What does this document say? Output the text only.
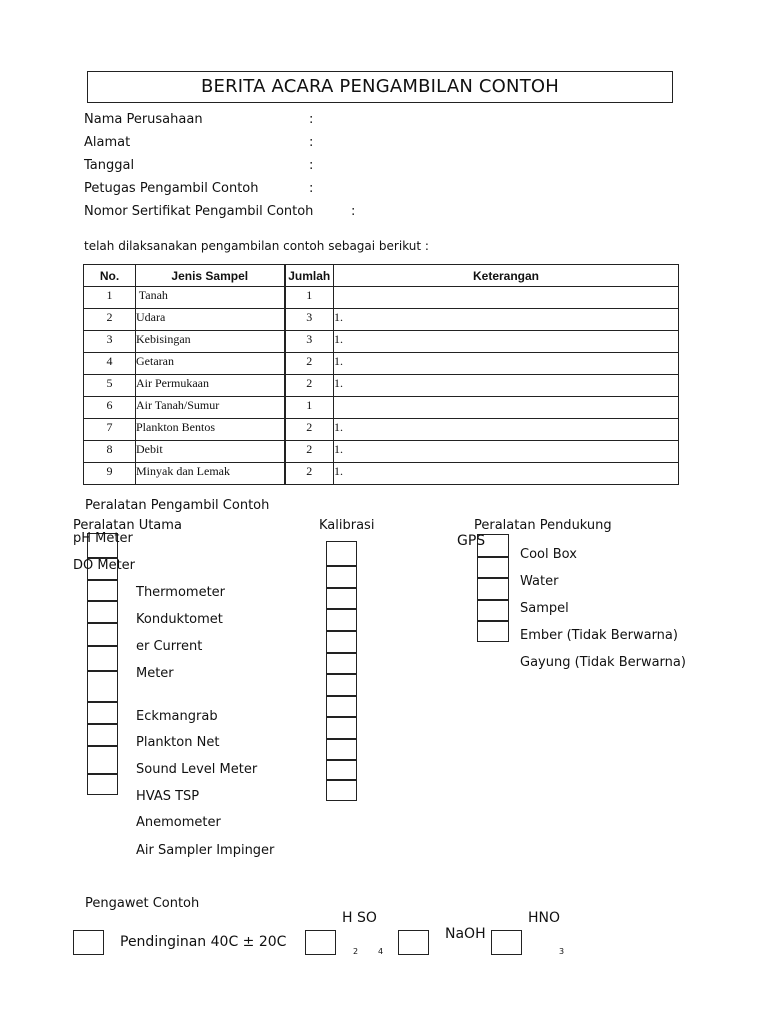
BERITA ACARA PENGAMBILAN CONTOH
Nama Perusahaan	:
Alamat	:
Tanggal	:
Petugas Pengambil Contoh	:
Nomor Sertifikat Pengambil Contoh	:
telah dilaksanakan pengambilan contoh sebagai berikut :
No.	Jenis Sampel	Jumlah	Keterangan
1	Tanah	1	
2	Udara	3	1.
3	Kebisingan	3	1.
4	Getaran	2	1.
5	Air Permukaan	2	1.
6	Air Tanah/Sumur	1	
7	Plankton Bentos	2	1.
8	Debit	2	1.
9	Minyak dan Lemak	2	1.
Peralatan Pengambil Contoh
Peralatan Utama	Kalibrasi	Peralatan Pendukung
pH Meter
DO Meter
Thermometer
Konduktomet
er Current
Meter
Eckmangrab
Plankton Net
Sound Level Meter
HVAS TSP
Anemometer
Air Sampler Impinger
GPS
Cool Box
Water
Sampel
Ember (Tidak Berwarna)
Gayung (Tidak Berwarna)
Pengawet Contoh
Pendinginan 40C ± 20C
H SO
2 4
NaOH
HNO
3
